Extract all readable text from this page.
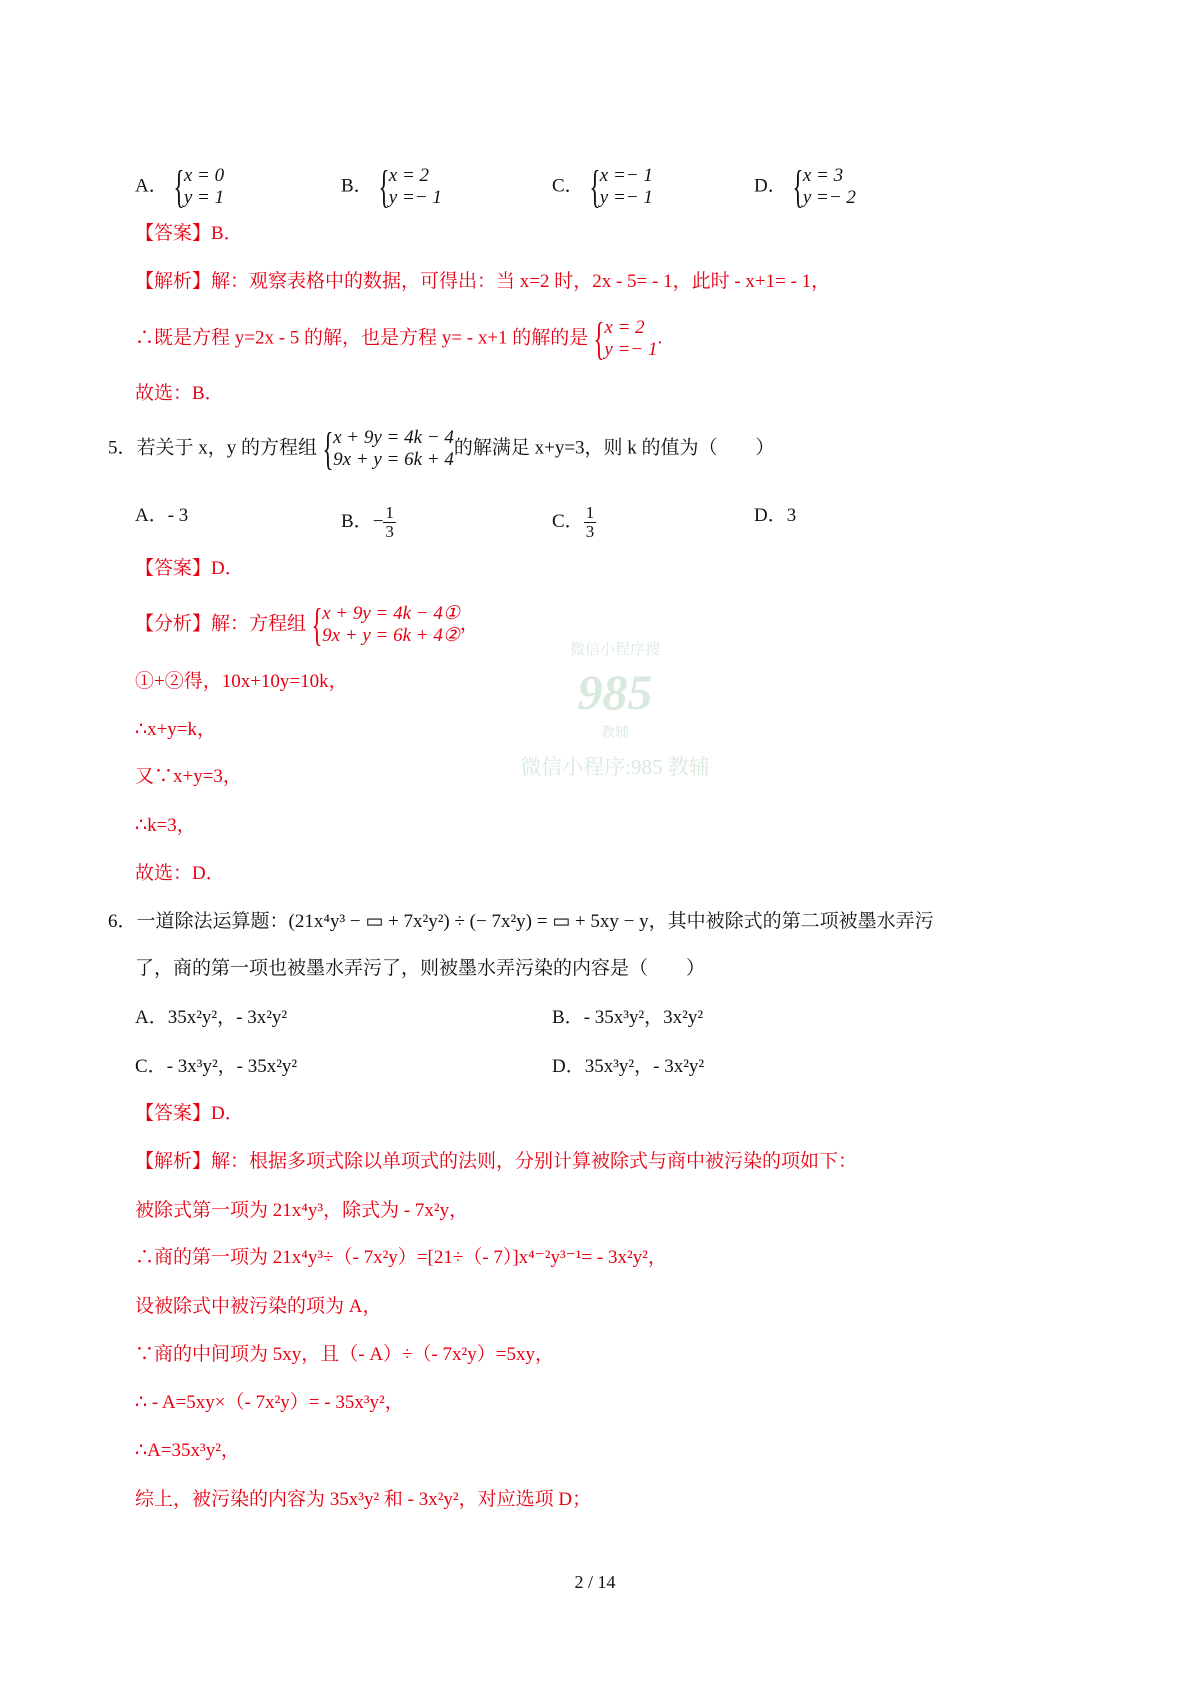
A． { x = 0
y = 1
B． { x = 2
y =− 1
C． { x =− 1
y =− 1
D． { x = 3
y =− 2
【答案】B．
【解析】解：观察表格中的数据，可得出：当 x=2 时，2x - 5= - 1，此时 - x+1= - 1，
∴既是方程 y=2x - 5 的解，也是方程 y= - x+1 的解的是 { x = 2
y =− 1
.
故选：B．
5．若关于 x，y 的方程组 { x + 9y = 4k − 4
9x + y = 6k + 4
的解满足 x+y=3，则 k 的值为（　　）
A．- 3	B．− $\frac{1}{3}$	C． $\frac{1}{3}$	D．3
【答案】D．
【分析】解：方程组 { x + 9y = 4k − 4①
9x + y = 6k + 4②
，
①+②得，10x+10y=10k，
∴x+y=k，
又∵x+y=3，
∴k=3，
故选：D．
微信小程序搜
985
教辅
微信小程序:985 教辅
6．一道除法运算题：(21x⁴y³ − ▭ + 7x²y²) ÷ (− 7x²y) = ▭ + 5xy − y，其中被除式的第二项被墨水弄污
了，商的第一项也被墨水弄污了，则被墨水弄污染的内容是（　　）
A．35x²y²，- 3x²y²	B．- 35x³y²，3x²y²
C．- 3x³y²，- 35x²y²	D．35x³y²，- 3x²y²
【答案】D．
【解析】解：根据多项式除以单项式的法则，分别计算被除式与商中被污染的项如下：
被除式第一项为 21x⁴y³，除式为 - 7x²y，
∴商的第一项为 21x⁴y³÷（- 7x²y）=[21÷（- 7）]x⁴⁻²y³⁻¹= - 3x²y²，
设被除式中被污染的项为 A，
∵商的中间项为 5xy，且（- A）÷（- 7x²y）=5xy，
∴ - A=5xy×（- 7x²y）= - 35x³y²，
∴A=35x³y²，
综上，被污染的内容为 35x³y² 和 - 3x²y²，对应选项 D；
2 / 14
